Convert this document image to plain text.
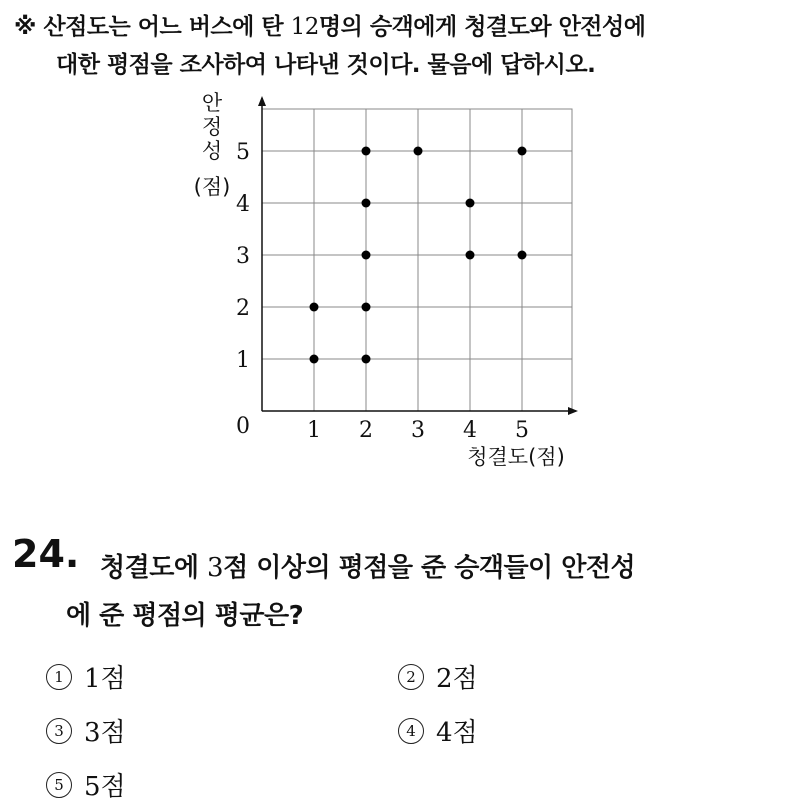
※ 산점도는 어느 버스에 탄 12명의 승객에게 청결도와 안전성에
대한 평점을 조사하여 나타낸 것이다. 물음에 답하시오.
1 2 3 4 5
1
2
3
4
5
0
안
정
성
(점)
청결도(점)
24. 청결도에 3점 이상의 평점을 준 승객들이 안전성
에 준 평점의 평균은?
1 1점	2 2점
3 3점	4 4점
5 5점
